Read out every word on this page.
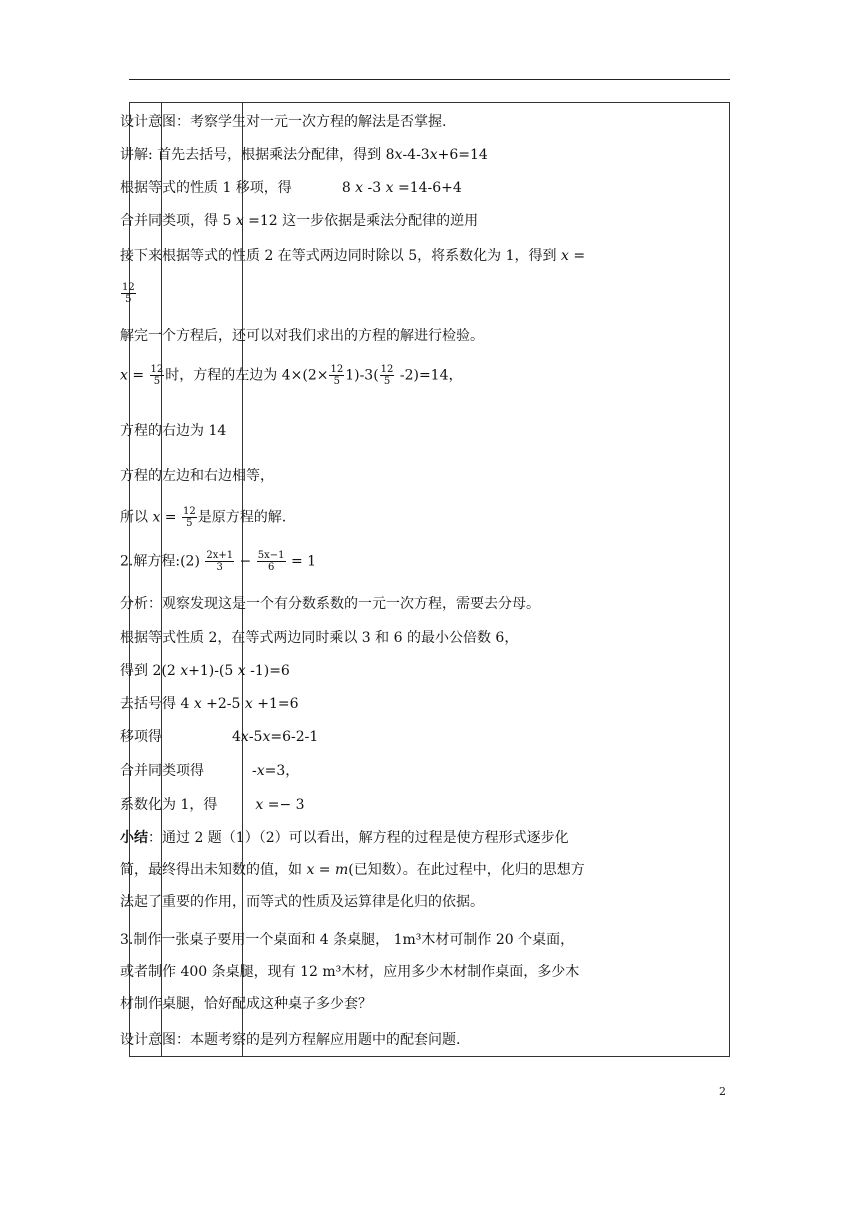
设计意图：考察学生对一元一次方程的解法是否掌握.
讲解: 首先去括号，根据乘法分配律，得到 8x-4-3x+6=14
根据等式的性质 1 移项，得	8 x -3 x =14-6+4
合并同类项，得 5 x =12 这一步依据是乘法分配律的逆用
接下来根据等式的性质 2 在等式两边同时除以 5，将系数化为 1，得到 x =
$\frac{12}{5}$
解完一个方程后，还可以对我们求出的方程的解进行检验。
$x = \frac{12}{5}$ 时，方程的左边为 $4\times(2\times \frac{12}{5} 1)-3( \frac{12}{5} -2)=14$，
方程的右边为 14
方程的左边和右边相等，
所以 $x = \frac{12}{5}$ 是原方程的解.
2.解方程:(2) $\frac{2x+1}{3} - \frac{5x-1}{6} = 1$
分析：观察发现这是一个有分数系数的一元一次方程，需要去分母。
根据等式性质 2，在等式两边同时乘以 3 和 6 的最小公倍数 6，
得到 2(2 x+1)-(5 x -1)=6
去括号得 4 x +2-5 x +1=6
移项得	4x-5x=6-2-1
合并同类项得	-x=3，
系数化为 1，得	x =− 3
小结：通过 2 题（1）（2）可以看出，解方程的过程是使方程形式逐步化简，最终得出未知数的值，如 x = m(已知数）。在此过程中，化归的思想方法起了重要的作用，而等式的性质及运算律是化归的依据。
3.制作一张桌子要用一个桌面和 4 条桌腿， 1m³木材可制作 20 个桌面，或者制作 400 条桌腿，现有 12 m³木材，应用多少木材制作桌面，多少木材制作桌腿，恰好配成这种桌子多少套？
设计意图：本题考察的是列方程解应用题中的配套问题.
2
